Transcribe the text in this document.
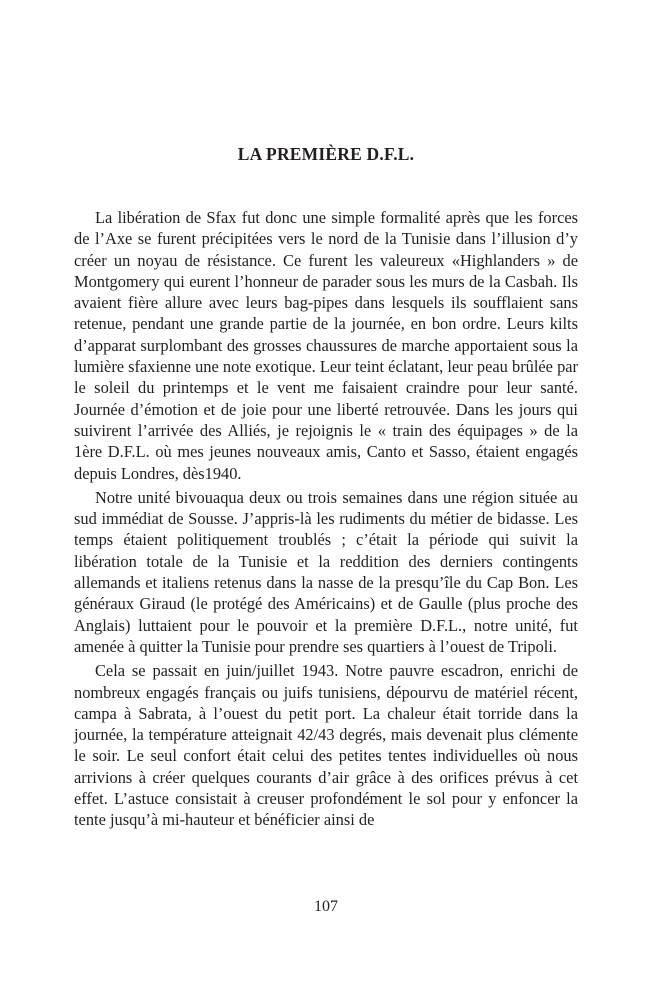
LA PREMIÈRE D.F.L.

La libération de Sfax fut donc une simple formalité après que les forces de l’Axe se furent précipitées vers le nord de la Tunisie dans l’illusion d’y créer un noyau de résistance. Ce furent les valeureux «Highlanders » de Montgomery qui eurent l’honneur de parader sous les murs de la Casbah. Ils avaient fière allure avec leurs bag-pipes dans lesquels ils soufflaient sans retenue, pendant une grande partie de la journée, en bon ordre. Leurs kilts d’apparat surplombant des grosses chaussures de marche apportaient sous la lumière sfaxienne une note exotique. Leur teint éclatant, leur peau brûlée par le soleil du printemps et le vent me faisaient craindre pour leur santé. Journée d’émotion et de joie pour une liberté retrouvée. Dans les jours qui suivirent l’arrivée des Alliés, je rejoignis le « train des équipages » de la 1ère D.F.L. où mes jeunes nouveaux amis, Canto et Sasso, étaient engagés depuis Londres, dès1940.

Notre unité bivouaqua deux ou trois semaines dans une région située au sud immédiat de Sousse. J’appris-là les rudiments du métier de bidasse. Les temps étaient politiquement troublés ; c’était la période qui suivit la libération totale de la Tunisie et la reddition des derniers contingents allemands et italiens retenus dans la nasse de la presqu’île du Cap Bon. Les généraux Giraud (le protégé des Américains) et de Gaulle (plus proche des Anglais) luttaient pour le pouvoir et la première D.F.L., notre unité, fut amenée à quitter la Tunisie pour prendre ses quartiers à l’ouest de Tripoli.

Cela se passait en juin/juillet 1943. Notre pauvre escadron, enrichi de nombreux engagés français ou juifs tunisiens, dépourvu de matériel récent, campa à Sabrata, à l’ouest du petit port. La chaleur était torride dans la journée, la température atteignait 42/43 degrés, mais devenait plus clémente le soir. Le seul confort était celui des petites tentes individuelles où nous arrivions à créer quelques courants d’air grâce à des orifices prévus à cet effet. L’astuce consistait à creuser profondément le sol pour y enfoncer la tente jusqu’à mi-hauteur et bénéficier ainsi de

107
